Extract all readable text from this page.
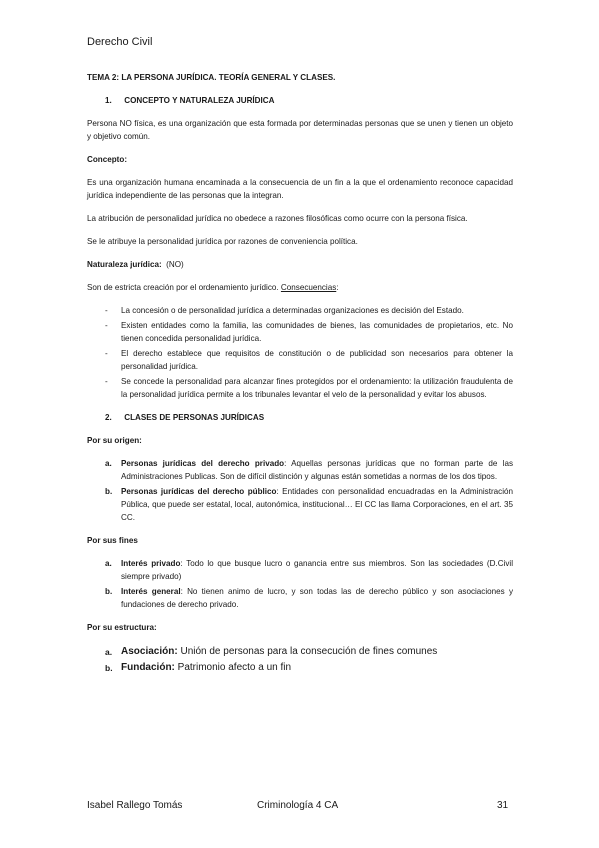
Derecho Civil
TEMA 2: LA PERSONA JURÍDICA. TEORÍA GENERAL Y CLASES.
1. CONCEPTO Y NATURALEZA JURÍDICA

Persona NO física, es una organización que esta formada por determinadas personas que se unen y tienen un objeto y objetivo común.

Concepto:

Es una organización humana encaminada a la consecuencia de un fin a la que el ordenamiento reconoce capacidad jurídica independiente de las personas que la integran.

La atribución de personalidad jurídica no obedece a razones filosóficas como ocurre con la persona física.

Se le atribuye la personalidad jurídica por razones de conveniencia política.

Naturaleza jurídica: (NO)

Son de estricta creación por el ordenamiento jurídico. Consecuencias:

- La concesión o de personalidad jurídica a determinadas organizaciones es decisión del Estado.
- Existen entidades como la familia, las comunidades de bienes, las comunidades de propietarios, etc. No tienen concedida personalidad jurídica.
- El derecho establece que requisitos de constitución o de publicidad son necesarios para obtener la personalidad jurídica.
- Se concede la personalidad para alcanzar fines protegidos por el ordenamiento: la utilización fraudulenta de la personalidad jurídica permite a los tribunales levantar el velo de la personalidad y evitar los abusos.
2. CLASES DE PERSONAS JURÍDICAS

Por su origen:

a. Personas jurídicas del derecho privado: Aquellas personas jurídicas que no forman parte de las Administraciones Publicas. Son de difícil distinción y algunas están sometidas a normas de los dos tipos.
b. Personas jurídicas del derecho público: Entidades con personalidad encuadradas en la Administración Pública, que puede ser estatal, local, autonómica, institucional… El CC las llama Corporaciones, en el art. 35 CC.

Por sus fines

a. Interés privado: Todo lo que busque lucro o ganancia entre sus miembros. Son las sociedades (D.Civil siempre privado)
b. Interés general: No tienen animo de lucro, y son todas las de derecho público y son asociaciones y fundaciones de derecho privado.

Por su estructura:

a. Asociación: Unión de personas para la consecución de fines comunes
b. Fundación: Patrimonio afecto a un fin
Isabel Rallego Tomás	Criminología 4 CA	31
